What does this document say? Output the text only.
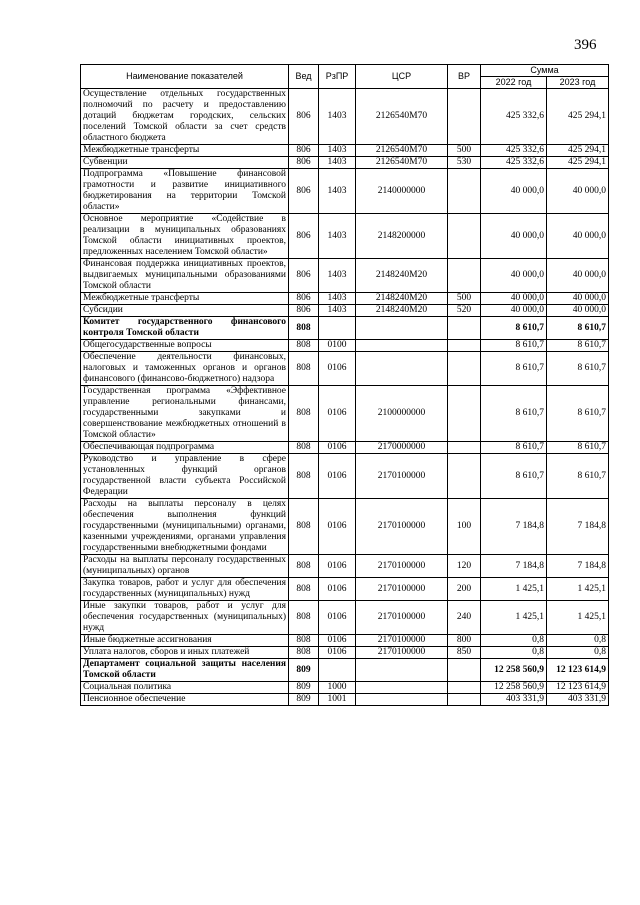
396
Наименование показателей	Вед	РзПР	ЦСР	ВР	Сумма	
					2022 год	2023 год
Осуществление отдельных государственных полномочий по расчету и предоставлению дотаций бюджетам городских, сельских поселений Томской области за счет средств областного бюджета	806	1403	2126540М70		425 332,6	425 294,1
Межбюджетные трансферты	806	1403	2126540М70	500	425 332,6	425 294,1
Субвенции	806	1403	2126540М70	530	425 332,6	425 294,1
Подпрограмма «Повышение финансовой грамотности и развитие инициативного бюджетирования на территории Томской области»	806	1403	2140000000		40 000,0	40 000,0
Основное мероприятие «Содействие в реализации в муниципальных образованиях Томской области инициативных проектов, предложенных населением Томской области»	806	1403	2148200000		40 000,0	40 000,0
Финансовая поддержка инициативных проектов, выдвигаемых муниципальными образованиями Томской области	806	1403	2148240М20		40 000,0	40 000,0
Межбюджетные трансферты	806	1403	2148240М20	500	40 000,0	40 000,0
Субсидии	806	1403	2148240М20	520	40 000,0	40 000,0
Комитет государственного финансового контроля Томской области	808				8 610,7	8 610,7
Общегосударственные вопросы	808	0100			8 610,7	8 610,7
Обеспечение деятельности финансовых, налоговых и таможенных органов и органов финансового (финансово-бюджетного) надзора	808	0106			8 610,7	8 610,7
Государственная программа «Эффективное управление региональными финансами, государственными закупками и совершенствование межбюджетных отношений в Томской области»	808	0106	2100000000		8 610,7	8 610,7
Обеспечивающая подпрограмма	808	0106	2170000000		8 610,7	8 610,7
Руководство и управление в сфере установленных функций органов государственной власти субъекта Российской Федерации	808	0106	2170100000		8 610,7	8 610,7
Расходы на выплаты персоналу в целях обеспечения выполнения функций государственными (муниципальными) органами, казенными учреждениями, органами управления государственными внебюджетными фондами	808	0106	2170100000	100	7 184,8	7 184,8
Расходы на выплаты персоналу государственных (муниципальных) органов	808	0106	2170100000	120	7 184,8	7 184,8
Закупка товаров, работ и услуг для обеспечения государственных (муниципальных) нужд	808	0106	2170100000	200	1 425,1	1 425,1
Иные закупки товаров, работ и услуг для обеспечения государственных (муниципальных) нужд	808	0106	2170100000	240	1 425,1	1 425,1
Иные бюджетные ассигнования	808	0106	2170100000	800	0,8	0,8
Уплата налогов, сборов и иных платежей	808	0106	2170100000	850	0,8	0,8
Департамент социальной защиты населения Томской области	809				12 258 560,9	12 123 614,9
Социальная политика	809	1000			12 258 560,9	12 123 614,9
Пенсионное обеспечение	809	1001			403 331,9	403 331,9
